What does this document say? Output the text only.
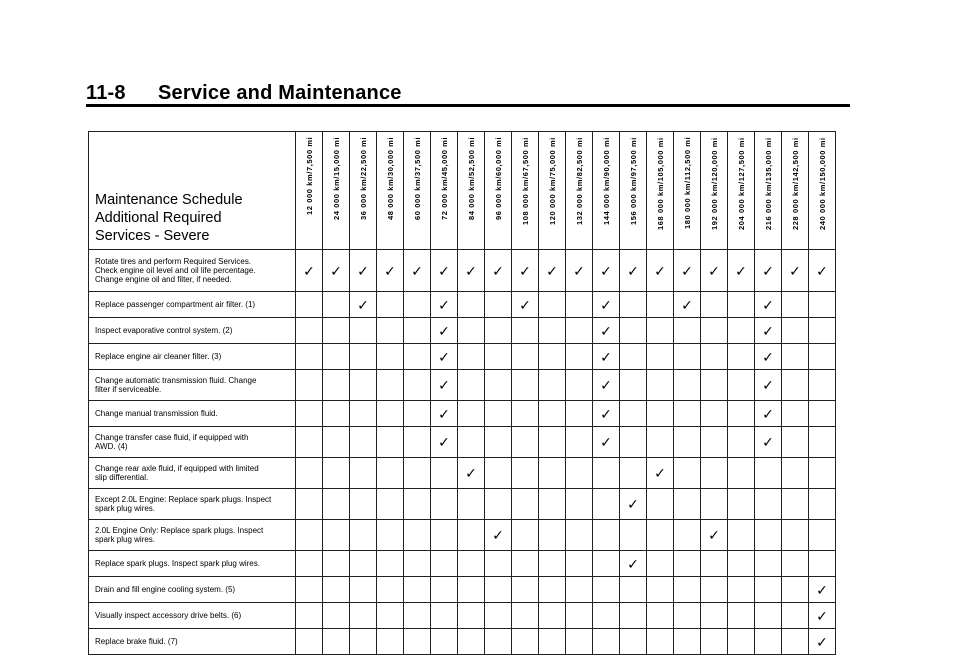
11-8 Service and Maintenance
Maintenance Schedule
Additional Required
Services - Severe	12 000 km/7,500 mi	24 000 km/15,000 mi	36 000 km/22,500 mi	48 000 km/30,000 mi	60 000 km/37,500 mi	72 000 km/45,000 mi	84 000 km/52,500 mi	96 000 km/60,000 mi	108 000 km/67,500 mi	120 000 km/75,000 mi	132 000 km/82,500 mi	144 000 km/90,000 mi	156 000 km/97,500 mi	168 000 km/105,000 mi	180 000 km/112,500 mi	192 000 km/120,000 mi	204 000 km/127,500 mi	216 000 km/135,000 mi	228 000 km/142,500 mi	240 000 km/150,000 mi

Rotate tires and perform Required Services.
Check engine oil level and oil life percentage.
Change engine oil and filter, if needed.	✓	✓	✓	✓	✓	✓	✓	✓	✓	✓	✓	✓	✓	✓	✓	✓	✓	✓	✓	✓

Replace passenger compartment air filter. (1)			✓			✓			✓			✓			✓			✓		

Inspect evaporative control system. (2)						✓						✓						✓		

Replace engine air cleaner filter. (3)						✓						✓						✓		

Change automatic transmission fluid. Change
filter if serviceable.						✓						✓						✓		

Change manual transmission fluid.						✓						✓						✓		

Change transfer case fluid, if equipped with
AWD. (4)						✓						✓						✓		

Change rear axle fluid, if equipped with limited
slip differential.							✓							✓						

Except 2.0L Engine: Replace spark plugs. Inspect
spark plug wires.													✓							

2.0L Engine Only: Replace spark plugs. Inspect
spark plug wires.								✓								✓				

Replace spark plugs. Inspect spark plug wires.													✓							

Drain and fill engine cooling system. (5)																				✓

Visually inspect accessory drive belts. (6)																				✓

Replace brake fluid. (7)																				✓
